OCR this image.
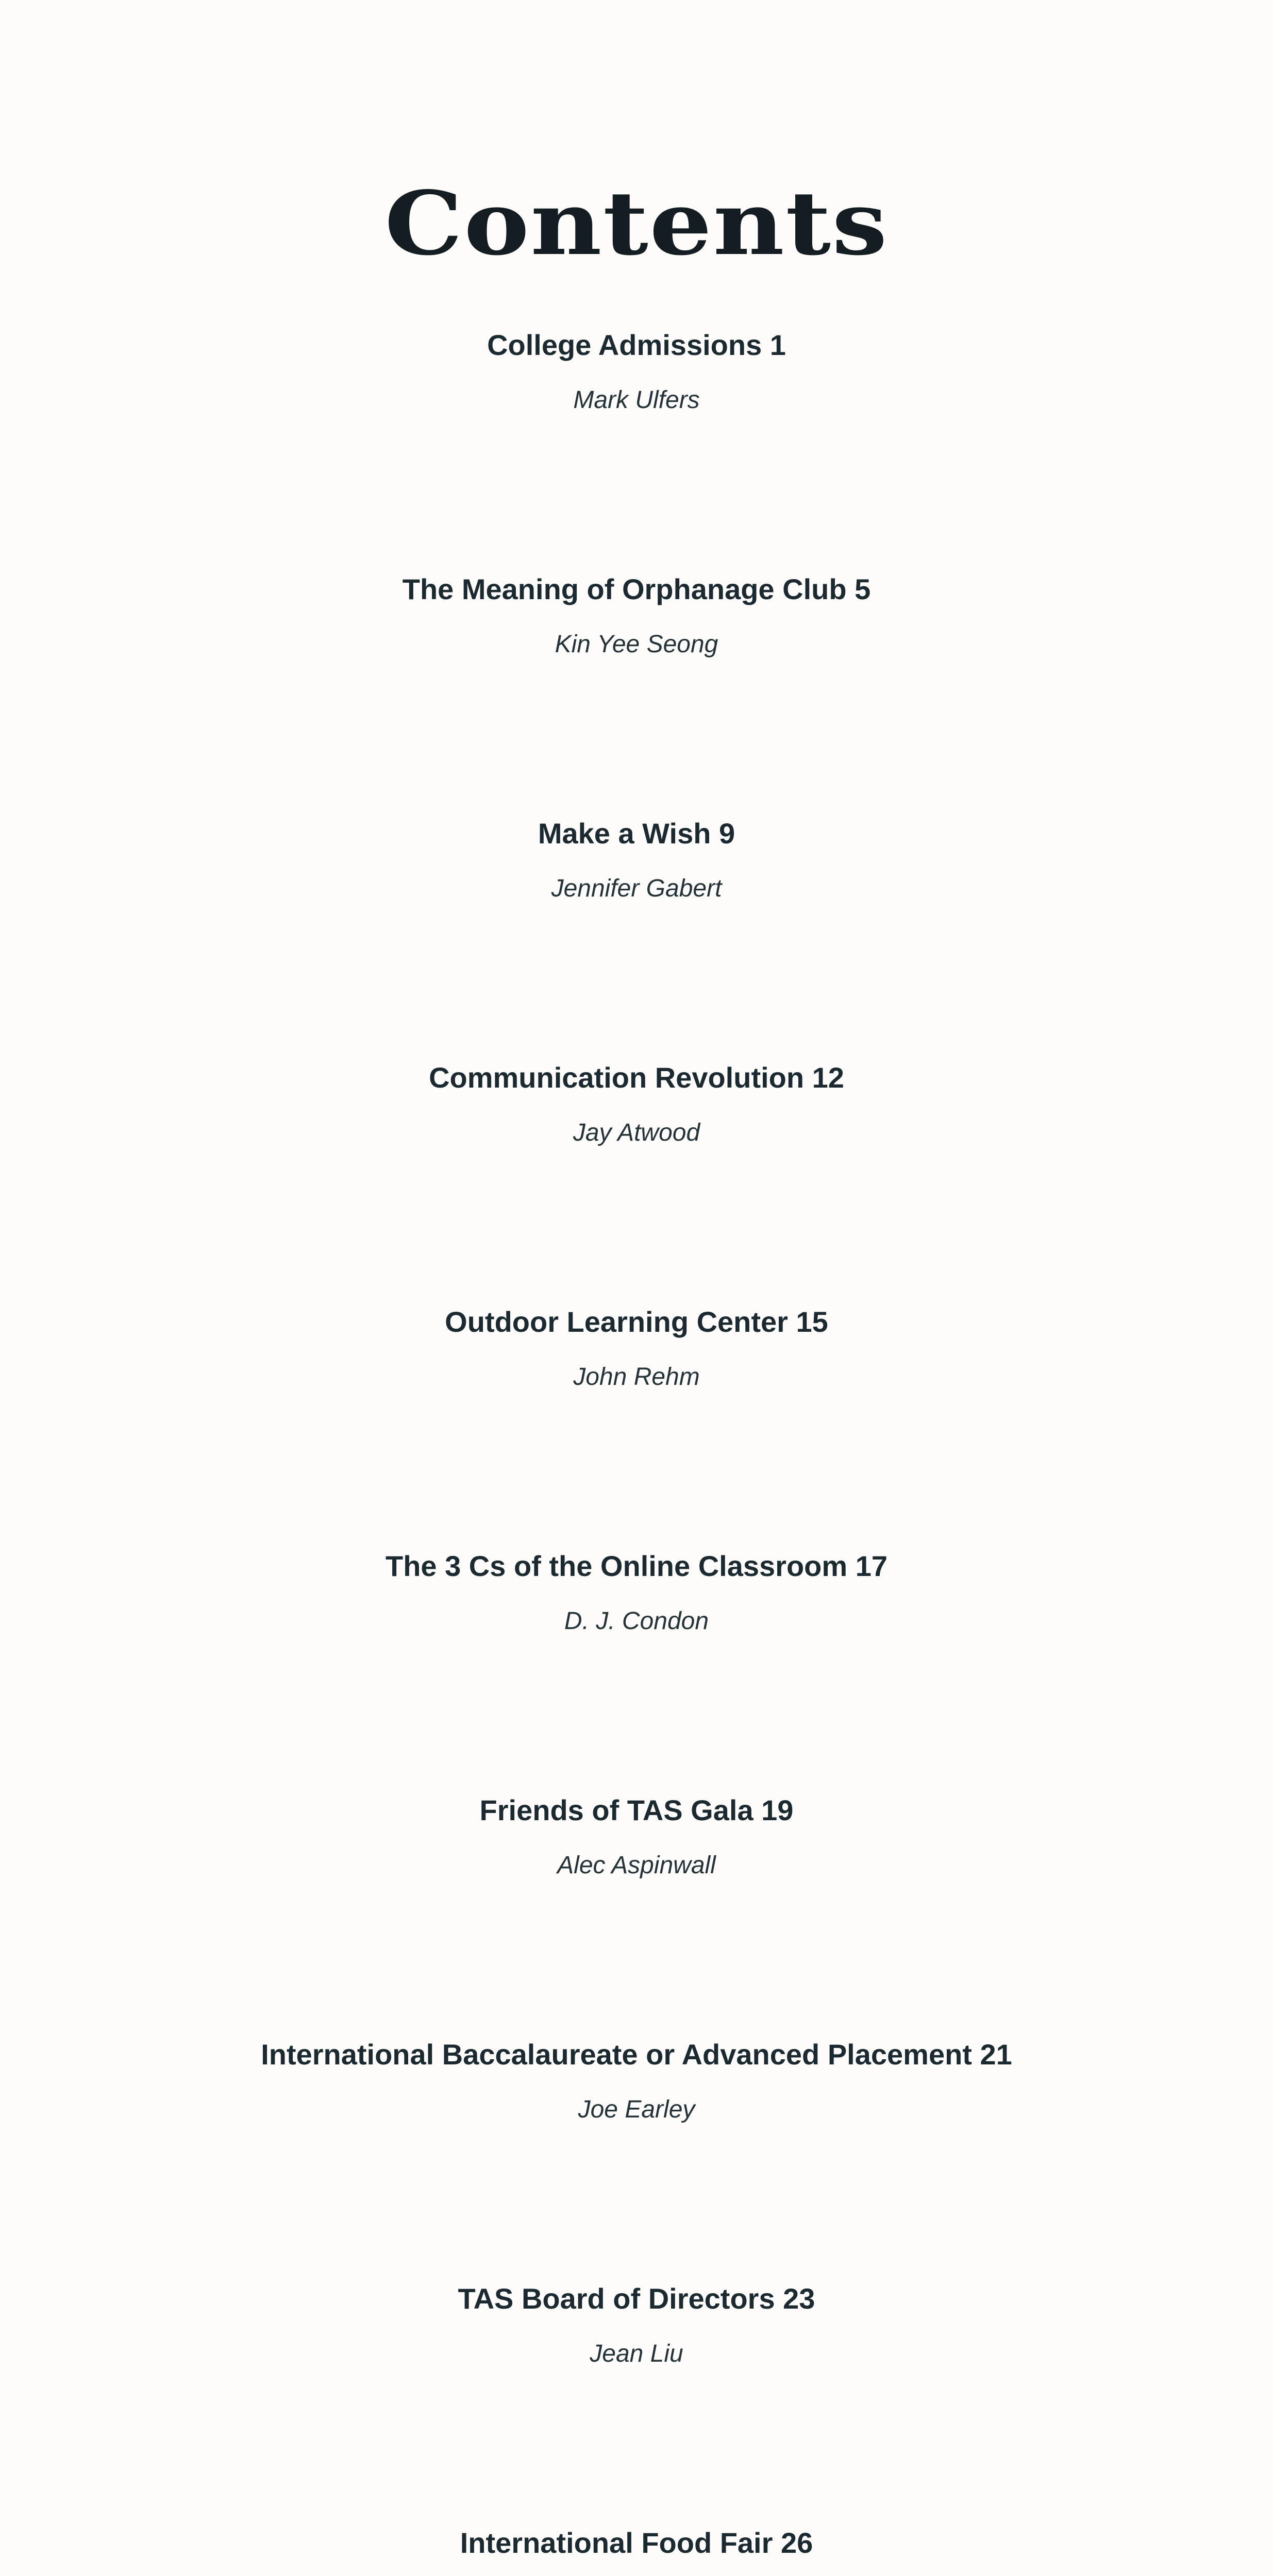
Contents
College Admissions 1
Mark Ulfers
The Meaning of Orphanage Club 5
Kin Yee Seong
Make a Wish 9
Jennifer Gabert
Communication Revolution 12
Jay Atwood
Outdoor Learning Center 15
John Rehm
The 3 Cs of the Online Classroom 17
D. J. Condon
Friends of TAS Gala 19
Alec Aspinwall
International Baccalaureate or Advanced Placement 21
Joe Earley
TAS Board of Directors 23
Jean Liu
International Food Fair 26
